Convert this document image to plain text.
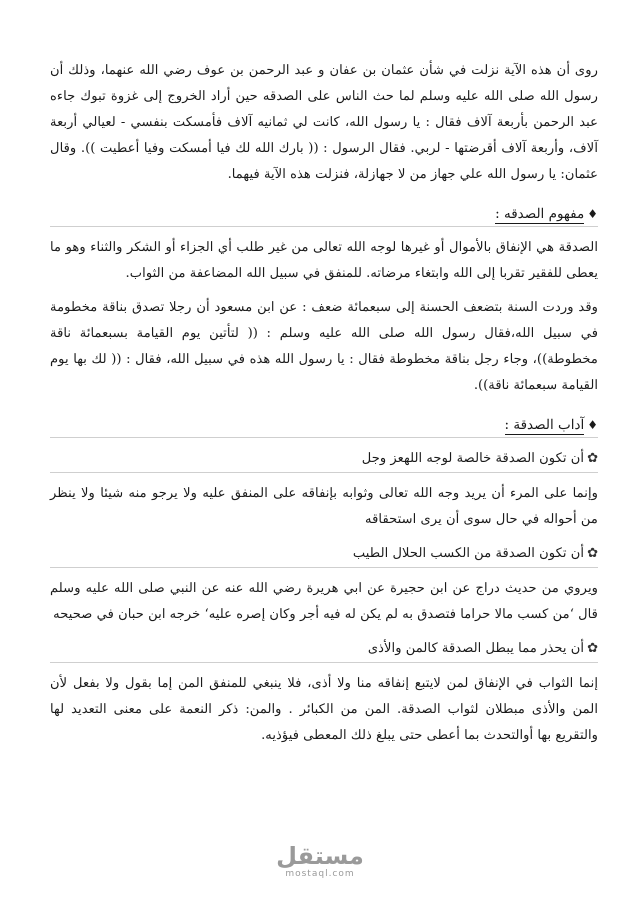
روى أن هذه الآية نزلت في شأن عثمان بن عفان و عبد الرحمن بن عوف رضي الله عنهما، وذلك أن رسول الله صلى الله عليه وسلم لما حث الناس على الصدقه حين أراد الخروج إلى غزوة تبوك جاءه عبد الرحمن بأربعة آلاف فقال : يا رسول الله، كانت لي ثمانيه آلاف فأمسكت بنفسي - لعيالي أربعة آلاف، وأربعة آلاف أقرضتها - لربي. فقال الرسول : (( بارك الله لك فيا أمسكت وفيا أعطيت )). وقال عثمان: يا رسول الله علي جهاز من لا جهازلة، فنزلت هذه الآية فيهما.

♦مفهوم الصدقه :

الصدقة هي الإنفاق بالأموال أو غيرها لوجه الله تعالى من غير طلب أي الجزاء أو الشكر والثناء وهو ما يعطى للفقير تقربا إلى الله وابتغاء مرضاته. للمنفق في سبيل الله المضاعفة من الثواب.

وقد وردت السنة بتضعف الحسنة إلى سبعمائة ضعف : عن ابن مسعود أن رجلا تصدق بناقة مخطومة في سبيل الله،فقال رسول الله صلى الله عليه وسلم : (( لتأتين يوم القيامة بسبعمائة ناقة مخطوطة))، وجاء رجل بناقة مخطوطة فقال : يا رسول الله هذه في سبيل الله، فقال : (( لك بها يوم القيامة سبعمائة ناقة)).

♦آداب الصدقة :

✿أن تكون الصدقة خالصة لوجه اللهعز وجل

وإنما على المرء أن يريد وجه الله تعالى وثوابه بإنفاقه على المنفق عليه ولا يرجو منه شيئا ولا ينظر من أحواله في حال سوى أن يرى استحقاقه

✿أن تكون الصدقة من الكسب الحلال الطيب

ويروي من حديث دراج عن ابن حجيرة عن ابي هريرة رضي الله عنه عن النبي صلى الله عليه وسلم قال ‘من كسب مالا حراما فتصدق به لم يكن له فيه أجر وكان إصره عليه‘ خرجه ابن حبان في صحيحه

✿أن يحذر مما يبطل الصدقة كالمن والأذى

إنما الثواب في الإنفاق لمن لايتبع إنفاقه منا ولا أذى، فلا ينبغي للمنفق المن إما بقول ولا بفعل لأن المن والأذى مبطلان لثواب الصدقة. المن من الكبائر . والمن: ذكر النعمة على معنى التعديد لها والتقريع بها أوالتحدث بما أعطى حتى يبلغ ذلك المعطى فيؤذيه.

مستقل
mostaql.com
